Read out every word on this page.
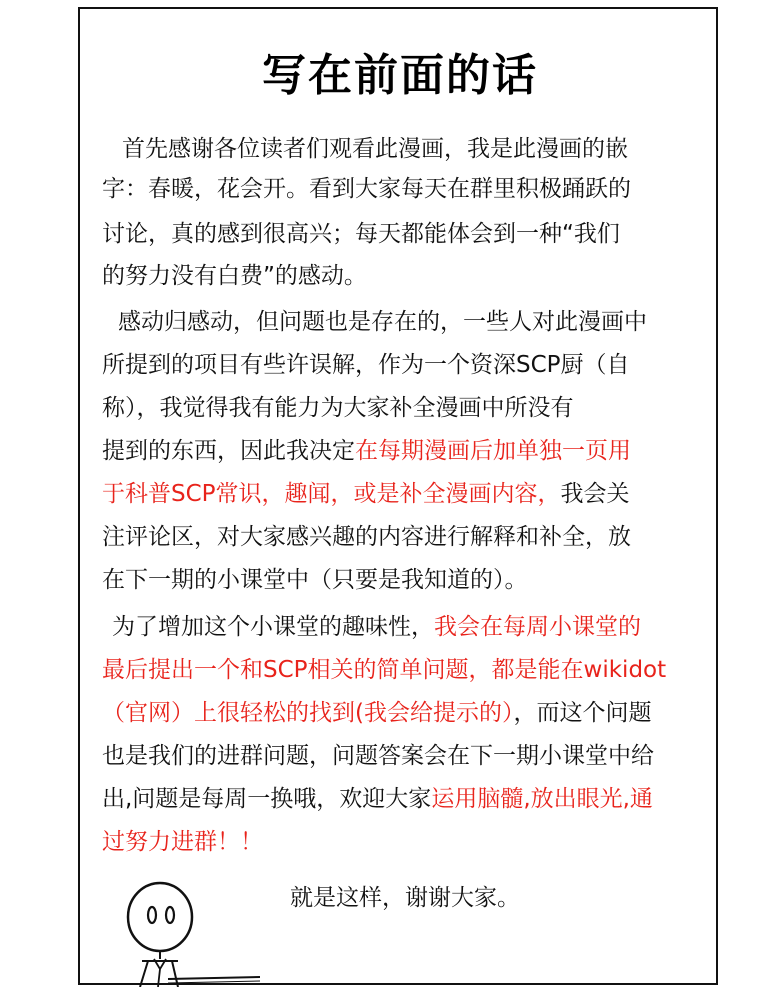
写在前面的话
首先感谢各位读者们观看此漫画，我是此漫画的嵌
字：春暖，花会开。看到大家每天在群里积极踊跃的
讨论，真的感到很高兴；每天都能体会到一种“我们
的努力没有白费”的感动。
感动归感动，但问题也是存在的，一些人对此漫画中
所提到的项目有些许误解，作为一个资深SCP厨（自
称），我觉得我有能力为大家补全漫画中所没有
提到的东西，因此我决定在每期漫画后加单独一页用
于科普SCP常识，趣闻，或是补全漫画内容，我会关
注评论区，对大家感兴趣的内容进行解释和补全，放
在下一期的小课堂中（只要是我知道的）。
为了增加这个小课堂的趣味性，我会在每周小课堂的
最后提出一个和SCP相关的简单问题，都是能在wikidot
（官网）上很轻松的找到(我会给提示的），而这个问题
也是我们的进群问题，问题答案会在下一期小课堂中给
出,问题是每周一换哦，欢迎大家运用脑髓,放出眼光,通
过努力进群！！
就是这样，谢谢大家。
